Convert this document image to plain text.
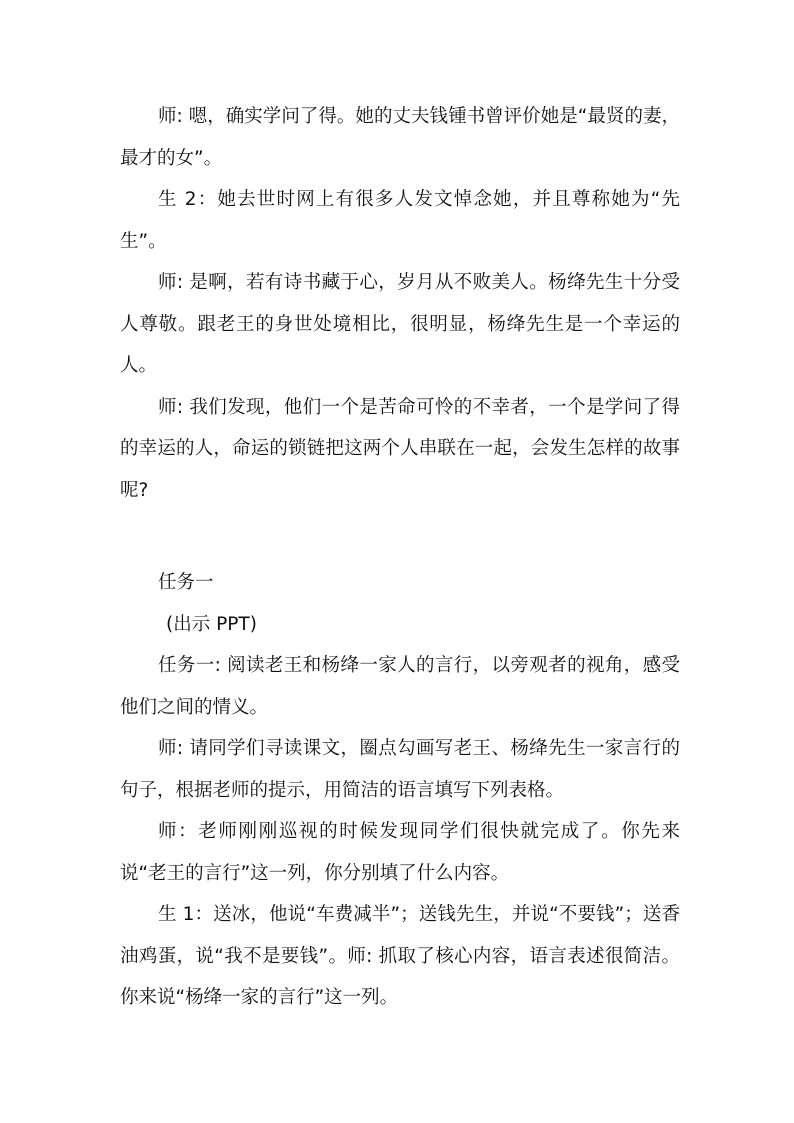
师: 嗯，确实学问了得。她的丈夫钱锺书曾评价她是“最贤的妻，最才的女”。

生 2：她去世时网上有很多人发文悼念她，并且尊称她为“先生”。

师: 是啊，若有诗书藏于心，岁月从不败美人。杨绛先生十分受人尊敬。跟老王的身世处境相比，很明显，杨绛先生是一个幸运的人。

师: 我们发现，他们一个是苦命可怜的不幸者，一个是学问了得的幸运的人，命运的锁链把这两个人串联在一起，会发生怎样的故事呢?

任务一

(出示 PPT)

任务一: 阅读老王和杨绛一家人的言行，以旁观者的视角，感受他们之间的情义。

师: 请同学们寻读课文，圈点勾画写老王、杨绛先生一家言行的句子，根据老师的提示，用简洁的语言填写下列表格。

师：老师刚刚巡视的时候发现同学们很快就完成了。你先来说“老王的言行”这一列，你分别填了什么内容。

生 1：送冰，他说“车费减半”；送钱先生，并说“不要钱”；送香油鸡蛋，说“我不是要钱”。师: 抓取了核心内容，语言表述很简洁。你来说“杨绛一家的言行”这一列。
